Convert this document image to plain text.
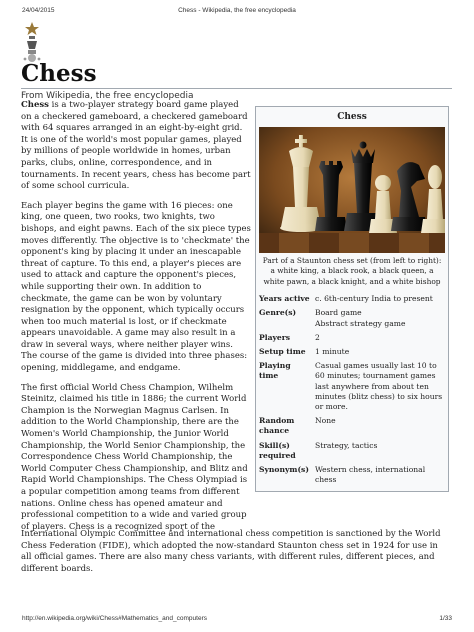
24/04/2015	Chess - Wikipedia, the free encyclopedia
Chess
From Wikipedia, the free encyclopedia

Chess is a two-player strategy board game played on a checkered gameboard, a checkered gameboard with 64 squares arranged in an eight-by-eight grid. It is one of the world's most popular games, played by millions of people worldwide in homes, urban parks, clubs, online, correspondence, and in tournaments. In recent years, chess has become part of some school curricula.

Each player begins the game with 16 pieces: one king, one queen, two rooks, two knights, two bishops, and eight pawns. Each of the six piece types moves differently. The objective is to 'checkmate' the opponent's king by placing it under an inescapable threat of capture. To this end, a player's pieces are used to attack and capture the opponent's pieces, while supporting their own. In addition to checkmate, the game can be won by voluntary resignation by the opponent, which typically occurs when too much material is lost, or if checkmate appears unavoidable. A game may also result in a draw in several ways, where neither player wins. The course of the game is divided into three phases: opening, middlegame, and endgame.

The first official World Chess Champion, Wilhelm Steinitz, claimed his title in 1886; the current World Champion is the Norwegian Magnus Carlsen. In addition to the World Championship, there are the Women's World Championship, the Junior World Championship, the World Senior Championship, the Correspondence Chess World Championship, the World Computer Chess Championship, and Blitz and Rapid World Championships. The Chess Olympiad is a popular competition among teams from different nations. Online chess has opened amateur and professional competition to a wide and varied group of players. Chess is a recognized sport of the

International Olympic Committee and international chess competition is sanctioned by the World Chess Federation (FIDE), which adopted the now-standard Staunton chess set in 1924 for use in all official games. There are also many chess variants, with different rules, different pieces, and different boards.
Chess
Part of a Staunton chess set (from left to right): a white king, a black rook, a black queen, a white pawn, a black knight, and a white bishop
Years active	c. 6th-century India to present

Genre(s)	Board game
Abstract strategy game

Players	2

Setup time	1 minute

Playing time	Casual games usually last 10 to 60 minutes; tournament games last anywhere from about ten minutes (blitz chess) to six hours or more.

Random chance	None

Skill(s) required	Strategy, tactics

Synonym(s)	Western chess, international chess
http://en.wikipedia.org/wiki/Chess#Mathematics_and_computers	1/33
